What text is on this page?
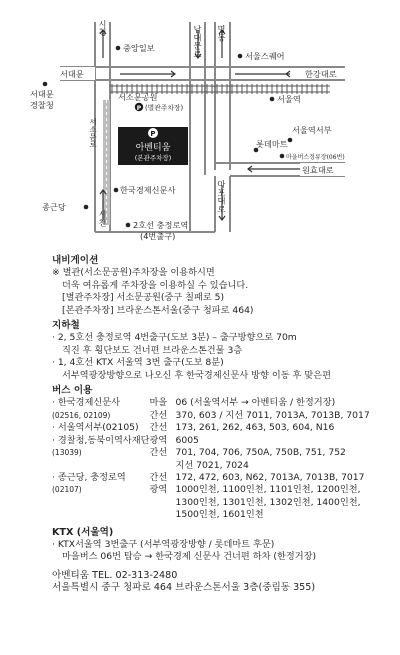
P
아벤티움
(본관주차장)
P
시청	남대문로 명동
서대문	한강대로
중앙일보
서울스퀘어
서대문
경찰청
서소문공원
(별관주차장)
서울역
서소문로	서울역서부
롯데마트
마을버스정류장(06번)
원효대로
한국경제신문사	마포대로
종근당
시천	2호선 충정로역
(4번출구)
내비게이션
※ 별관(서소문공원)주차장을 이용하시면
더욱 여유롭게 주차장을 이용하실 수 있습니다.
[별관주차장] 서소문공원(중구 칠패로 5)
[본관주차장] 브라운스톤서울(중구 청파로 464)
지하철
· 2, 5호선 충정로역 4번출구(도보 3분) – 출구방향으로 70m
직진 후 횡단보도 건너편 브라운스톤건물 3층
· 1, 4호선 KTX 서울역 3번 출구(도보 8분)
서부역광장방향으로 나오신 후 한국경제신문사 방향 이동 후 맞은편
버스 이용
· 한국경제신문사	마을	06 (서울역서부 → 아벤티움 / 한정거장)
(02516, 02109)	간선	370, 603 / 지선 7011, 7013A, 7013B, 7017
· 서울역서부(02105)	간선	173, 261, 262, 463, 503, 604, N16
· 경찰청,동북이역사재단	광역	6005
(13039)	간선	701, 704, 706, 750A, 750B, 751, 752
		지선 7021, 7024
· 종근당, 충정로역	간선	172, 472, 603, N62, 7013A, 7013B, 7017
(02107)	광역	1000인천, 1100인천, 1101인천, 1200인천,
		1300인천, 1301인천, 1302인천, 1400인천,
		1500인천, 1601인천
KTX (서울역)
· KTX서울역 3번출구 (서부역광장방향 / 롯데마트 후문)
마을버스 06번 탑승 → 한국경제 신문사 건너편 하차 (한정거장)
아벤티움 TEL. 02-313-2480
서울특별시 중구 청파로 464 브라운스톤서울 3층(중림동 355)
